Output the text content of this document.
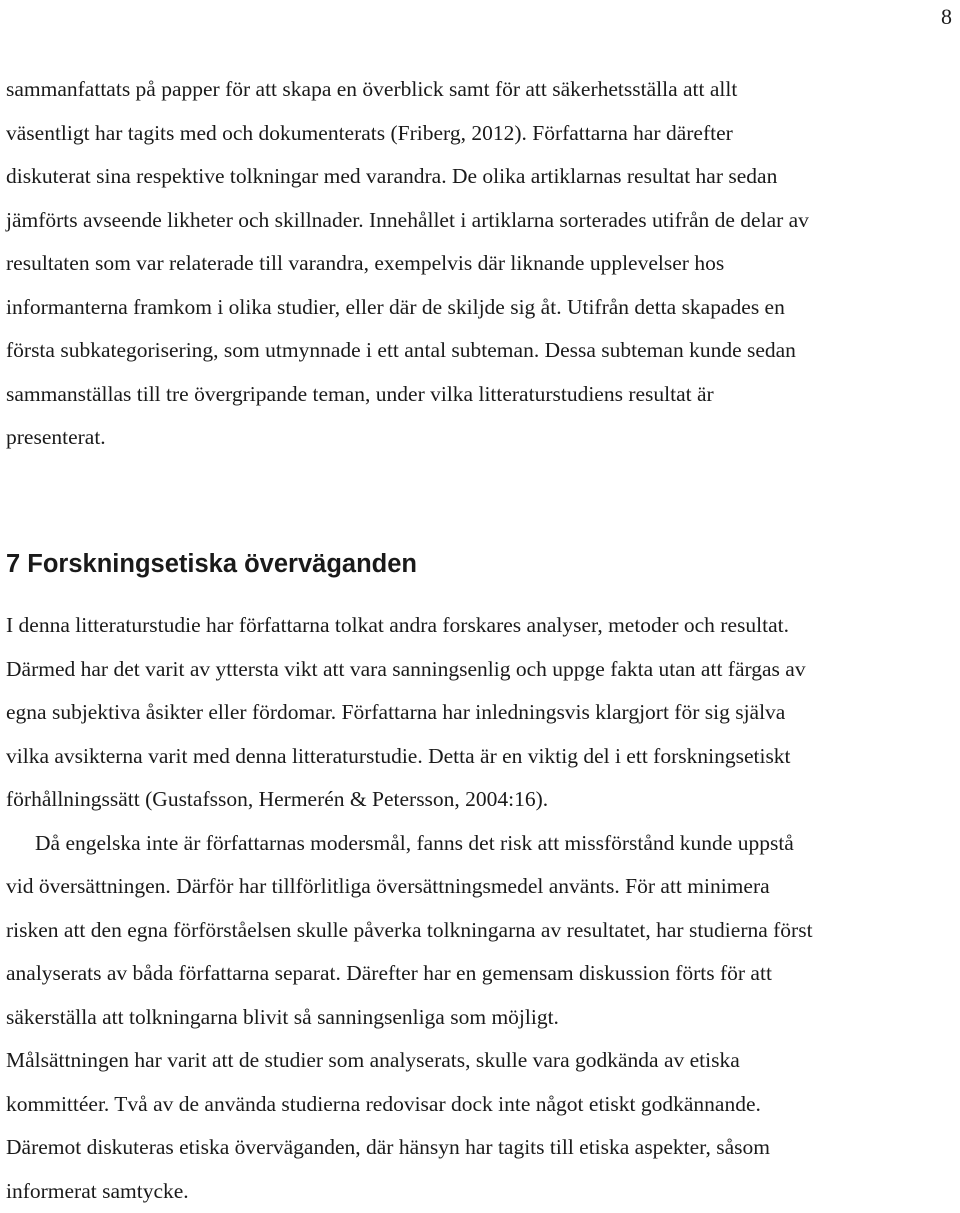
8

sammanfattats på papper för att skapa en överblick samt för att säkerhetsställa att allt
väsentligt har tagits med och dokumenterats (Friberg, 2012). Författarna har därefter
diskuterat sina respektive tolkningar med varandra. De olika artiklarnas resultat har sedan
jämförts avseende likheter och skillnader. Innehållet i artiklarna sorterades utifrån de delar av
resultaten som var relaterade till varandra, exempelvis där liknande upplevelser hos
informanterna framkom i olika studier, eller där de skiljde sig åt. Utifrån detta skapades en
första subkategorisering, som utmynnade i ett antal subteman. Dessa subteman kunde sedan
sammanställas till tre övergripande teman, under vilka litteraturstudiens resultat är
presenterat.

7 Forskningsetiska överväganden

I denna litteraturstudie har författarna tolkat andra forskares analyser, metoder och resultat.
Därmed har det varit av yttersta vikt att vara sanningsenlig och uppge fakta utan att färgas av
egna subjektiva åsikter eller fördomar. Författarna har inledningsvis klargjort för sig själva
vilka avsikterna varit med denna litteraturstudie. Detta är en viktig del i ett forskningsetiskt
förhållningssätt (Gustafsson, Hermerén & Petersson, 2004:16).

Då engelska inte är författarnas modersmål, fanns det risk att missförstånd kunde uppstå
vid översättningen. Därför har tillförlitliga översättningsmedel använts. För att minimera
risken att den egna förförståelsen skulle påverka tolkningarna av resultatet, har studierna först
analyserats av båda författarna separat. Därefter har en gemensam diskussion förts för att
säkerställa att tolkningarna blivit så sanningsenliga som möjligt.

Målsättningen har varit att de studier som analyserats, skulle vara godkända av etiska
kommittéer. Två av de använda studierna redovisar dock inte något etiskt godkännande.
Däremot diskuteras etiska överväganden, där hänsyn har tagits till etiska aspekter, såsom
informerat samtycke.
